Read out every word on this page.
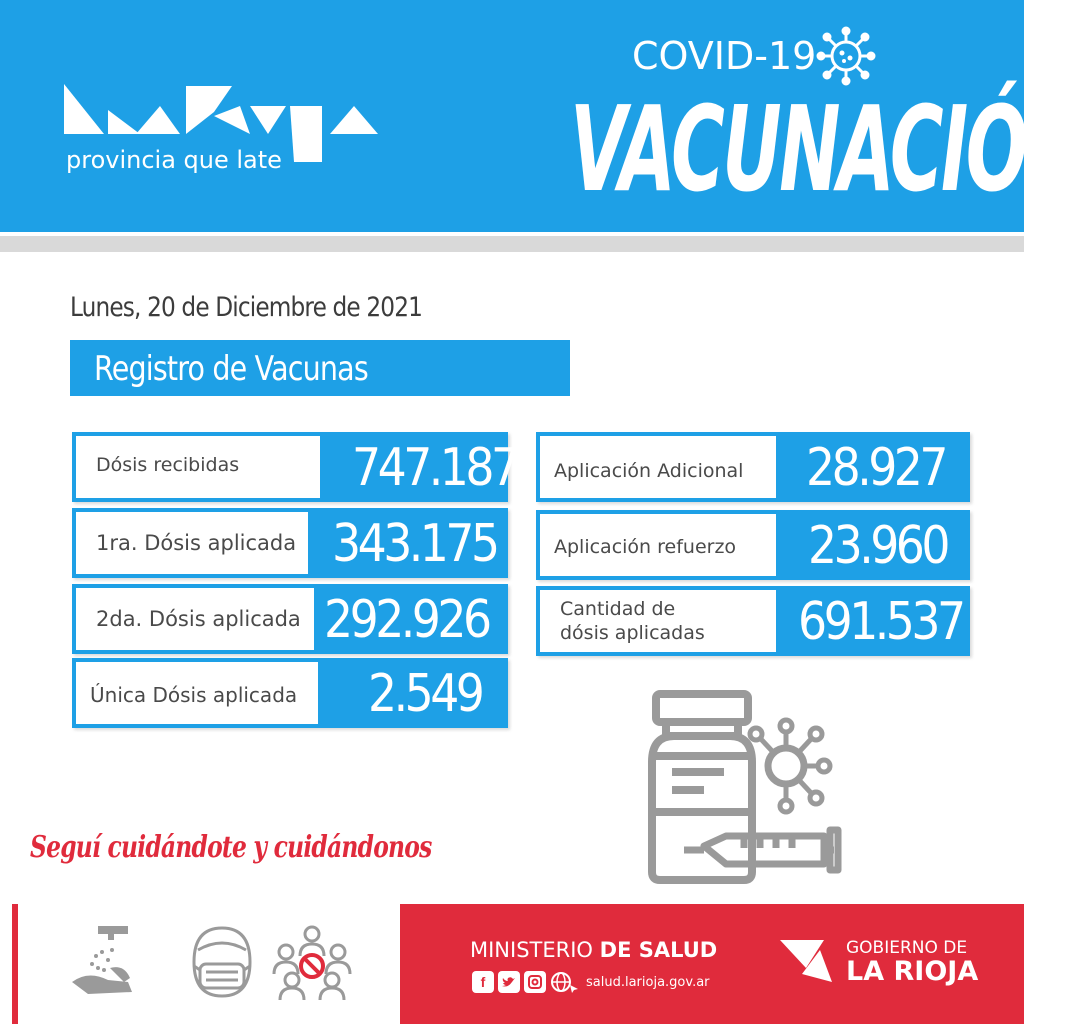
provincia que late
COVID-19
VACUNACIÓN
Lunes, 20 de Diciembre de 2021
Registro de Vacunas
Dósis recibidas 747.187
1ra. Dósis aplicada 343.175
2da. Dósis aplicada 292.926
Única Dósis aplicada 2.549
Aplicación Adicional 28.927
Aplicación refuerzo 23.960
Cantidad de
dósis aplicadas 691.537
Seguí cuidándote y cuidándonos
MINISTERIO DE SALUD
f	salud.larioja.gov.ar
GOBIERNO DE
LA RIOJA
